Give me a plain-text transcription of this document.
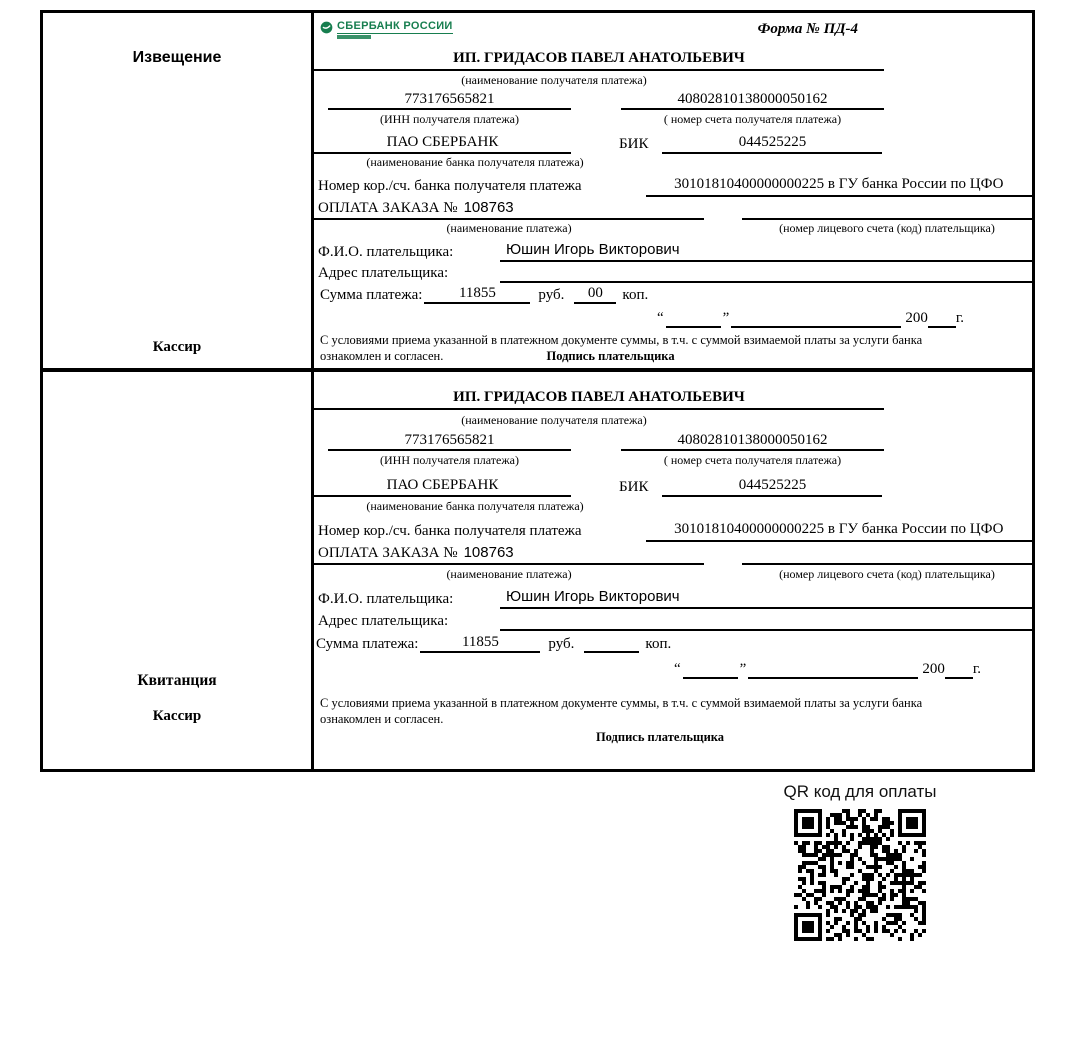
Извещение
Кассир
СБЕРБАНК РОССИИ	Форма № ПД-4
ИП. ГРИДАСОВ ПАВЕЛ АНАТОЛЬЕВИЧ
(наименование получателя платежа)
773176565821	40802810138000050162
(ИНН получателя платежа)	( номер счета получателя платежа)
ПАО СБЕРБАНК	БИК	044525225
(наименование банка получателя платежа)
Номер кор./сч. банка получателя платежа	30101810400000000225 в ГУ банка России по ЦФО
ОПЛАТА ЗАКАЗА № 108763
(наименование платежа)	(номер лицевого счета (код) плательщика)
Ф.И.О. плательщика:	Юшин Игорь Викторович
Адрес плательщика:
Сумма платежа:	11855	руб.	00	коп.
“	”	200 г.
С условиями приема указанной в платежном документе суммы, в т.ч. с суммой взимаемой платы за услуги банка
ознакомлен и согласен.	Подпись плательщика
Квитанция
Кассир
ИП. ГРИДАСОВ ПАВЕЛ АНАТОЛЬЕВИЧ
(наименование получателя платежа)
773176565821	40802810138000050162
(ИНН получателя платежа)	( номер счета получателя платежа)
ПАО СБЕРБАНК	БИК	044525225
(наименование банка получателя платежа)
Номер кор./сч. банка получателя платежа	30101810400000000225 в ГУ банка России по ЦФО
ОПЛАТА ЗАКАЗА № 108763
(наименование платежа)	(номер лицевого счета (код) плательщика)
Ф.И.О. плательщика:	Юшин Игорь Викторович
Адрес плательщика:
Сумма платежа:	11855	руб.	коп.
“	”	200 г.
С условиями приема указанной в платежном документе суммы, в т.ч. с суммой взимаемой платы за услуги банка
ознакомлен и согласен.
Подпись плательщика
QR код для оплаты
